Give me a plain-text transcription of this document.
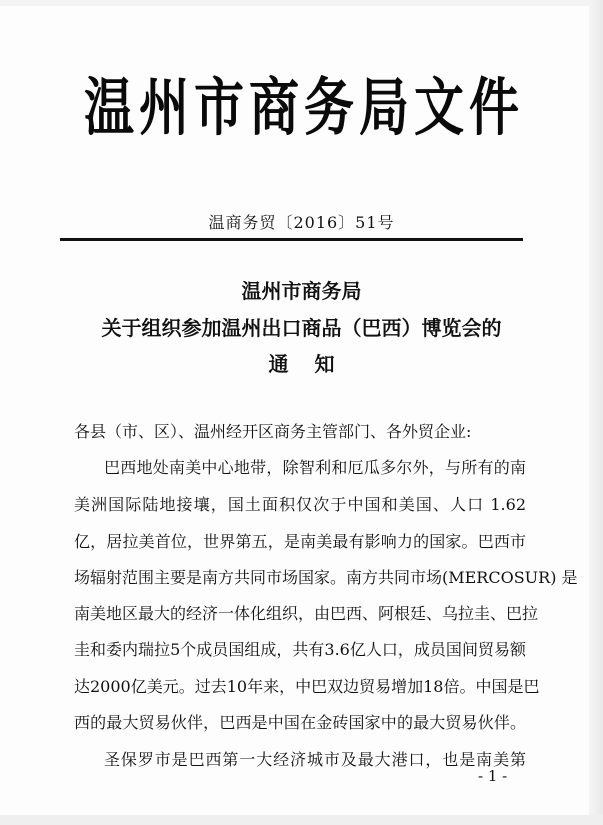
温州市商务局文件
温商务贸〔2016〕51号
温州市商务局
关于组织参加温州出口商品（巴西）博览会的
通知
各县（市、区）、温州经开区商务主管部门、各外贸企业:
巴西地处南美中心地带，除智利和厄瓜多尔外，与所有的南
美洲国际陆地接壤，国土面积仅次于中国和美国、人口 1.62
亿，居拉美首位，世界第五，是南美最有影响力的国家。巴西市
场辐射范围主要是南方共同市场国家。南方共同市场(MERCOSUR) 是
南美地区最大的经济一体化组织，由巴西、阿根廷、乌拉圭、巴拉
圭和委内瑞拉5个成员国组成，共有3.6亿人口，成员国间贸易额
达2000亿美元。过去10年来，中巴双边贸易增加18倍。中国是巴
西的最大贸易伙伴，巴西是中国在金砖国家中的最大贸易伙伴。
圣保罗市是巴西第一大经济城市及最大港口，也是南美第
- 1 -
